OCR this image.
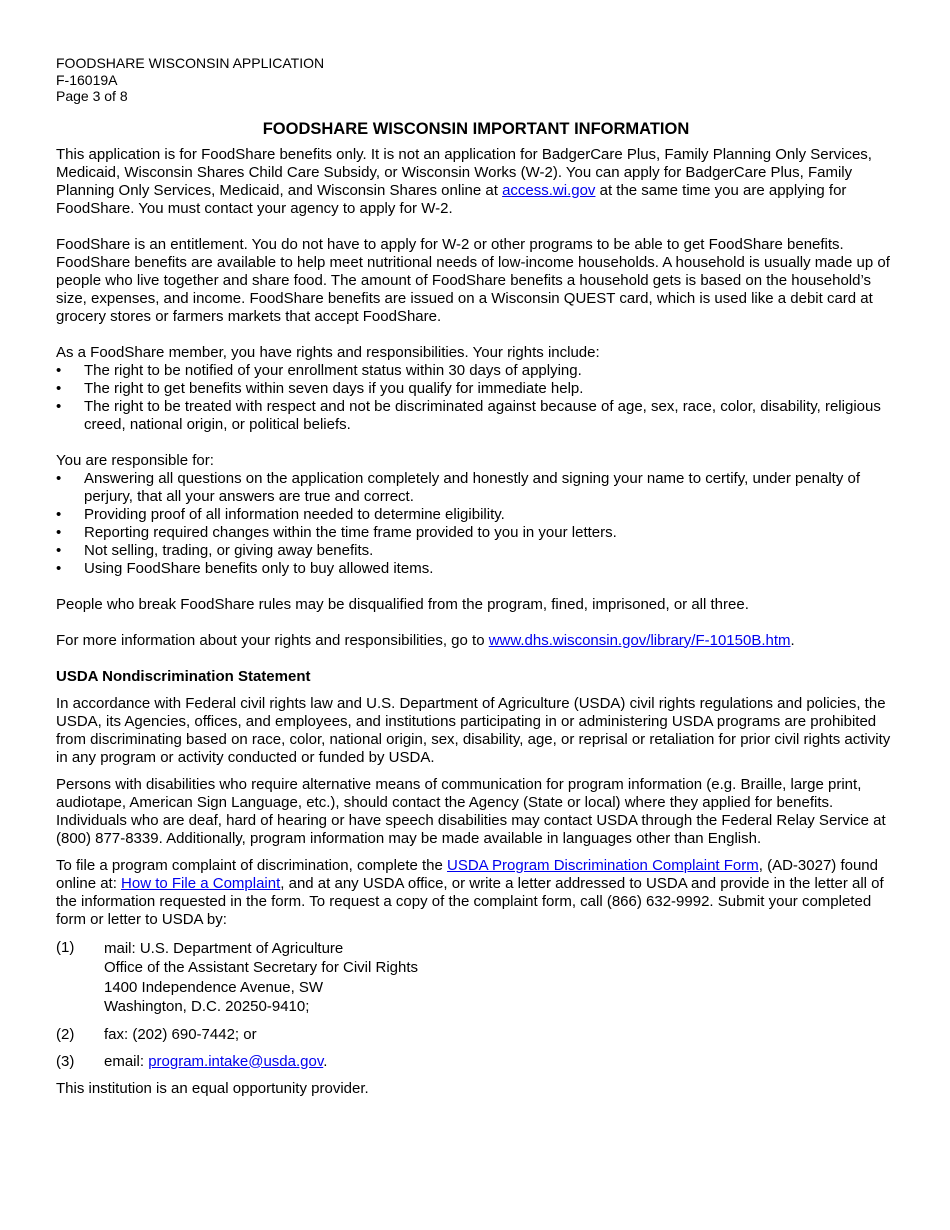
FOODSHARE WISCONSIN APPLICATION
F-16019A
Page 3 of 8
FOODSHARE WISCONSIN IMPORTANT INFORMATION

This application is for FoodShare benefits only. It is not an application for BadgerCare Plus, Family Planning Only Services, Medicaid, Wisconsin Shares Child Care Subsidy, or Wisconsin Works (W-2). You can apply for BadgerCare Plus, Family Planning Only Services, Medicaid, and Wisconsin Shares online at access.wi.gov at the same time you are applying for FoodShare. You must contact your agency to apply for W-2.

FoodShare is an entitlement. You do not have to apply for W-2 or other programs to be able to get FoodShare benefits. FoodShare benefits are available to help meet nutritional needs of low-income households. A household is usually made up of people who live together and share food. The amount of FoodShare benefits a household gets is based on the household’s size, expenses, and income. FoodShare benefits are issued on a Wisconsin QUEST card, which is used like a debit card at grocery stores or farmers markets that accept FoodShare.

As a FoodShare member, you have rights and responsibilities. Your rights include:

• The right to be notified of your enrollment status within 30 days of applying.
• The right to get benefits within seven days if you qualify for immediate help.
• The right to be treated with respect and not be discriminated against because of age, sex, race, color, disability, religious creed, national origin, or political beliefs.

You are responsible for:

• Answering all questions on the application completely and honestly and signing your name to certify, under penalty of perjury, that all your answers are true and correct.
• Providing proof of all information needed to determine eligibility.
• Reporting required changes within the time frame provided to you in your letters.
• Not selling, trading, or giving away benefits.
• Using FoodShare benefits only to buy allowed items.

People who break FoodShare rules may be disqualified from the program, fined, imprisoned, or all three.

For more information about your rights and responsibilities, go to www.dhs.wisconsin.gov/library/F-10150B.htm.

USDA Nondiscrimination Statement

In accordance with Federal civil rights law and U.S. Department of Agriculture (USDA) civil rights regulations and policies, the USDA, its Agencies, offices, and employees, and institutions participating in or administering USDA programs are prohibited from discriminating based on race, color, national origin, sex, disability, age, or reprisal or retaliation for prior civil rights activity in any program or activity conducted or funded by USDA.

Persons with disabilities who require alternative means of communication for program information (e.g. Braille, large print, audiotape, American Sign Language, etc.), should contact the Agency (State or local) where they applied for benefits. Individuals who are deaf, hard of hearing or have speech disabilities may contact USDA through the Federal Relay Service at (800) 877-8339. Additionally, program information may be made available in languages other than English.

To file a program complaint of discrimination, complete the USDA Program Discrimination Complaint Form, (AD-3027) found online at: How to File a Complaint, and at any USDA office, or write a letter addressed to USDA and provide in the letter all of the information requested in the form. To request a copy of the complaint form, call (866) 632-9992. Submit your completed form or letter to USDA by:

(1)	mail: U.S. Department of Agriculture
Office of the Assistant Secretary for Civil Rights
1400 Independence Avenue, SW
Washington, D.C. 20250-9410;
(2)	fax: (202) 690-7442; or
(3)	email: program.intake@usda.gov.

This institution is an equal opportunity provider.
